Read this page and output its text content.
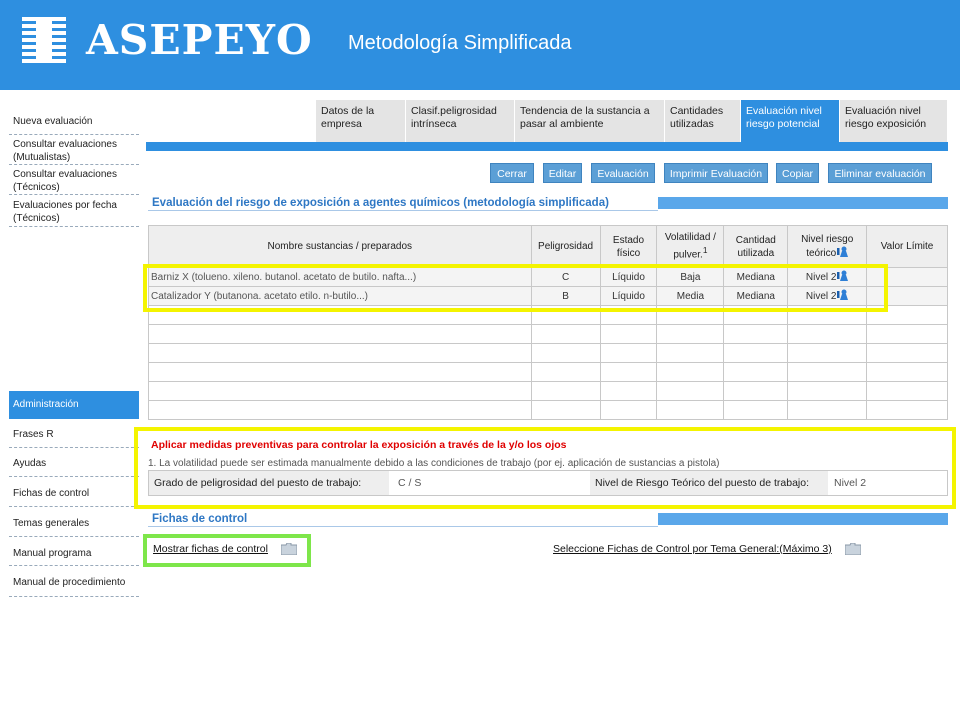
ASEPEYO Metodología Simplificada
Nueva evaluación
Consultar evaluaciones (Mutualistas)
Consultar evaluaciones (Técnicos)
Evaluaciones por fecha (Técnicos)
Administración
Frases R
Ayudas
Fichas de control
Temas generales
Manual programa
Manual de procedimiento
Datos de la empresa
Clasif.peligrosidad intrínseca
Tendencia de la sustancia a pasar al ambiente
Cantidades utilizadas
Evaluación nivel riesgo potencial
Evaluación nivel riesgo exposición
Cerrar	Editar	Evaluación	Imprimir Evaluación	Copiar	Eliminar evaluación
Evaluación del riesgo de exposición a agentes químicos (metodología simplificada)
Nombre sustancias / preparados	Peligrosidad	Estado físico	Volatilidad / pulver.$^1$	Cantidad utilizada	Nivel riesgo teórico	Valor Límite
Barniz X (tolueno. xileno. butanol. acetato de butilo. nafta...)	C	Líquido	Baja	Mediana	Nivel 2	
Catalizador Y (butanona. acetato etilo. n-butilo...)	B	Líquido	Media	Mediana	Nivel 2	

Aplicar medidas preventivas para controlar la exposición a través de la y/o los ojos
1. La volatilidad puede ser estimada manualmente debido a las condiciones de trabajo (por ej. aplicación de sustancias a pistola)
Grado de peligrosidad del puesto de trabajo:	C / S	Nivel de Riesgo Teórico del puesto de trabajo:	Nivel 2
Fichas de control
Mostrar fichas de control	Seleccione Fichas de Control por Tema General:(Máximo 3)
